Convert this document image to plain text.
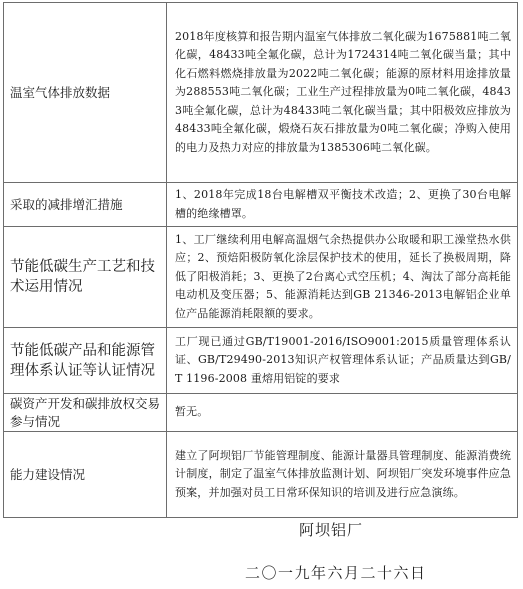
温室气体排放数据	2018年度核算和报告期内温室气体排放二氧化碳为1675881吨二氧化碳，48433吨全氟化碳，总计为1724314吨二氧化碳当量；其中化石燃料燃烧排放量为2022吨二氧化碳；能源的原材料用途排放量为288553吨二氧化碳；工业生产过程排放量为0吨二氧化碳，48433吨全氟化碳，总计为48433吨二氧化碳当量；其中阳极效应排放为48433吨全氟化碳，煅烧石灰石排放量为0吨二氧化碳；净购入使用的电力及热力对应的排放量为1385306吨二氧化碳。

采取的减排增汇措施	1、2018年完成18台电解槽双平衡技术改造；2、更换了30台电解槽的绝缘槽罩。

节能低碳生产工艺和技术运用情况	1、工厂继续利用电解高温烟气余热提供办公取暖和职工澡堂热水供应；2、预焙阳极防氧化涂层保护技术的使用，延长了换极周期，降低了阳极消耗；3、更换了2台离心式空压机；4、淘汰了部分高耗能电动机及变压器；5、能源消耗达到GB 21346-2013电解铝企业单位产品能源消耗限额的要求。

节能低碳产品和能源管理体系认证等认证情况	工厂现已通过GB/T19001-2016/ISO9001:2015质量管理体系认证、GB/T29490-2013知识产权管理体系认证；产品质量达到GB/T 1196-2008 重熔用铝锭的要求

碳资产开发和碳排放权交易参与情况	暂无。

能力建设情况	建立了阿坝铝厂节能管理制度、能源计量器具管理制度、能源消费统计制度，制定了温室气体排放监测计划、阿坝铝厂突发环境事件应急预案，并加强对员工日常环保知识的培训及进行应急演练。
阿坝铝厂
二〇一九年六月二十六日
